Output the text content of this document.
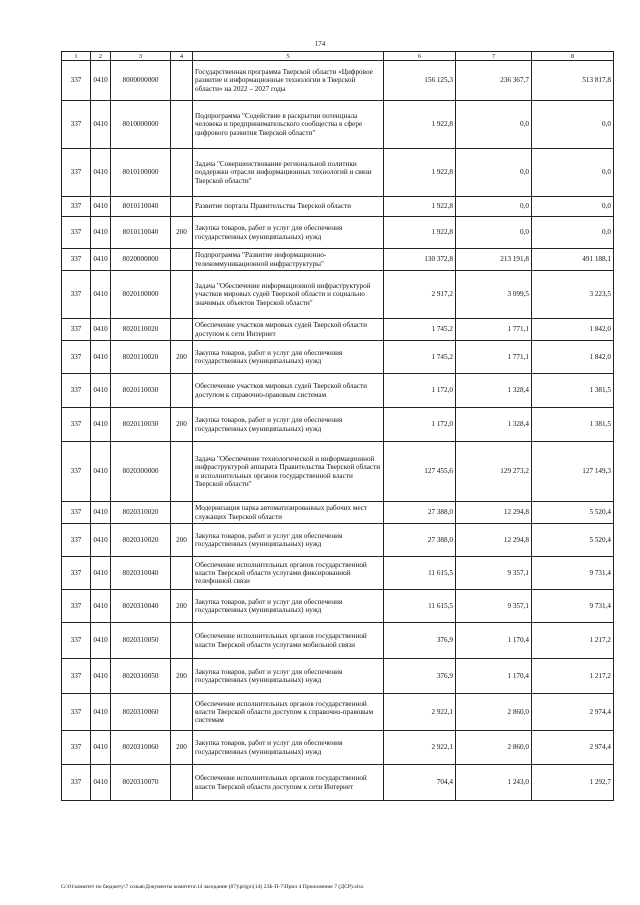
174
1	2	3	4	5	6	7	8
337	0410	8000000000		Государственная программа Тверской области «Цифровое развитие и информационные технологии в Тверской области» на 2022 – 2027 годы	156 125,3	236 367,7	513 817,8
337	0410	8010000000		Подпрограмма "Содействие в раскрытии потенциала человека и предпринимательского сообщества в сфере цифрового развития Тверской области"	1 922,8	0,0	0,0
337	0410	8010100000		Задача "Совершенствование региональной политики поддержки отрасли информационных технологий и связи Тверской области"	1 922,8	0,0	0,0
337	0410	8010110040		Развитие портала Правительства Тверской области	1 922,8	0,0	0,0
337	0410	8010110040	200	Закупка товаров, работ и услуг для обеспечения государственных (муниципальных) нужд	1 922,8	0,0	0,0
337	0410	8020000000		Подпрограмма "Развитие информационно-телекоммуникационной инфраструктуры"	130 372,8	213 191,8	491 188,1
337	0410	8020100000		Задача "Обеспечение информационной инфраструктурой участков мировых судей Тверской области и социально значимых объектов Тверской области"	2 917,2	3 099,5	3 223,5
337	0410	8020110020		Обеспечение участков мировых судей Тверской области доступом к сети Интернет	1 745,2	1 771,1	1 842,0
337	0410	8020110020	200	Закупка товаров, работ и услуг для обеспечения государственных (муниципальных) нужд	1 745,2	1 771,1	1 842,0
337	0410	8020110030		Обеспечение участков мировых судей Тверской области доступом к справочно-правовым системам	1 172,0	1 328,4	1 381,5
337	0410	8020110030	200	Закупка товаров, работ и услуг для обеспечения государственных (муниципальных) нужд	1 172,0	1 328,4	1 381,5
337	0410	8020300000		Задача "Обеспечение технологической и информационной инфраструктурой аппарата Правительства Тверской области и исполнительных органов государственной власти Тверской области"	127 455,6	129 273,2	127 149,3
337	0410	8020310020		Модернизация парка автоматизированных рабочих мест служащих Тверской области	27 388,0	12 294,8	5 520,4
337	0410	8020310020	200	Закупка товаров, работ и услуг для обеспечения государственных (муниципальных) нужд	27 388,0	12 294,8	5 520,4
337	0410	8020310040		Обеспечение исполнительных органов государственной власти Тверской области услугами фиксированной телефонной связи	11 615,5	9 357,1	9 731,4
337	0410	8020310040	200	Закупка товаров, работ и услуг для обеспечения государственных (муниципальных) нужд	11 615,5	9 357,1	9 731,4
337	0410	8020310050		Обеспечение исполнительных органов государственной власти Тверской области услугами мобильной связи	376,9	1 170,4	1 217,2
337	0410	8020310050	200	Закупка товаров, работ и услуг для обеспечения государственных (муниципальных) нужд	376,9	1 170,4	1 217,2
337	0410	8020310060		Обеспечение исполнительных органов государственной власти Тверской области доступом к справочно-правовым системам	2 922,1	2 860,0	2 974,4
337	0410	8020310060	200	Закупка товаров, работ и услуг для обеспечения государственных (муниципальных) нужд	2 922,1	2 860,0	2 974,4
337	0410	8020310070		Обеспечение исполнительных органов государственной власти Тверской области доступом к сети Интернет	704,4	1 243,0	1 292,7
G:\01\комитет по бюджету\7 созыв\Документы комитета\14 заседание (07)\prigo\(14) 23Б-П-7\Прил 4 Приложение 7 (ДСР).xlsx
